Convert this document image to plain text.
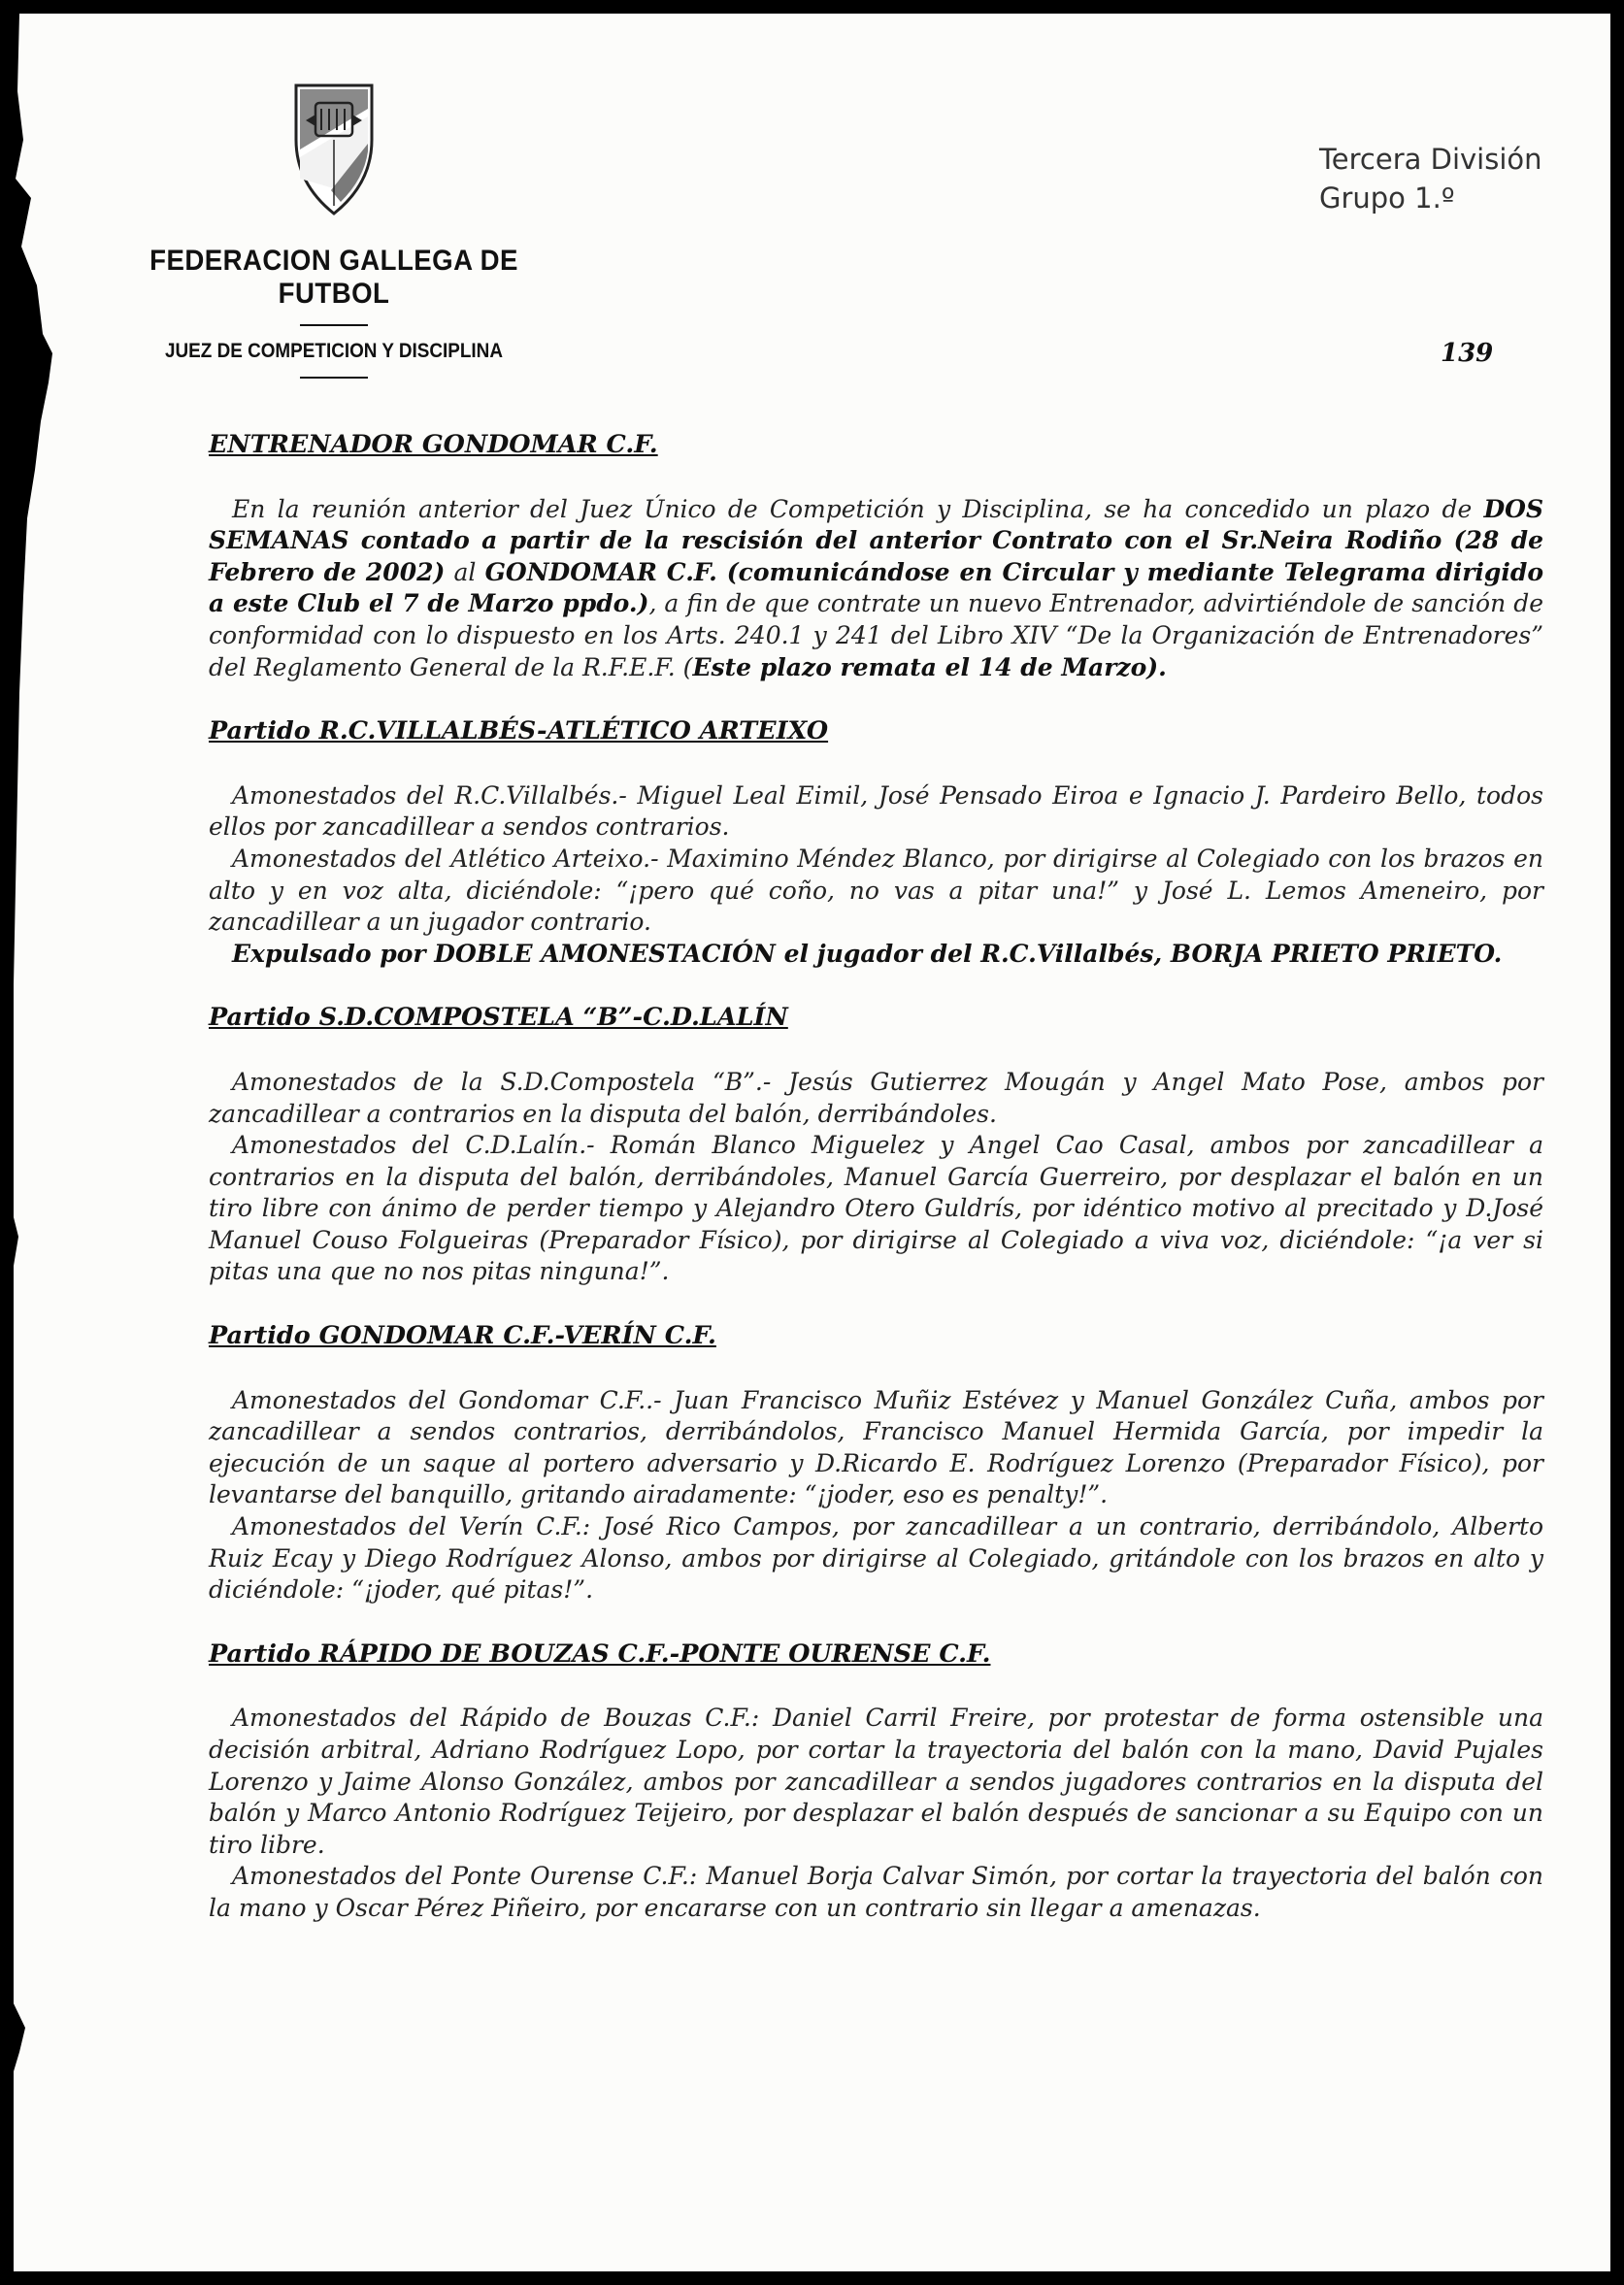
FEDERACION GALLEGA DE FUTBOL
JUEZ DE COMPETICION Y DISCIPLINA
Tercera División
Grupo 1.º
139
ENTRENADOR GONDOMAR C.F.

En la reunión anterior del Juez Único de Competición y Disciplina, se ha concedido un plazo de DOS SEMANAS contado a partir de la rescisión del anterior Contrato con el Sr.Neira Rodiño (28 de Febrero de 2002) al GONDOMAR C.F. (comunicándose en Circular y mediante Telegrama dirigido a este Club el 7 de Marzo ppdo.), a fin de que contrate un nuevo Entrenador, advirtiéndole de sanción de conformidad con lo dispuesto en los Arts. 240.1 y 241 del Libro XIV “De la Organización de Entrenadores” del Reglamento General de la R.F.E.F. (Este plazo remata el 14 de Marzo).

Partido R.C.VILLALBÉS-ATLÉTICO ARTEIXO

Amonestados del R.C.Villalbés.- Miguel Leal Eimil, José Pensado Eiroa e Ignacio J. Pardeiro Bello, todos ellos por zancadillear a sendos contrarios.

Amonestados del Atlético Arteixo.- Maximino Méndez Blanco, por dirigirse al Colegiado con los brazos en alto y en voz alta, diciéndole: “¡pero qué coño, no vas a pitar una!” y José L. Lemos Ameneiro, por zancadillear a un jugador contrario.

Expulsado por DOBLE AMONESTACIÓN el jugador del R.C.Villalbés, BORJA PRIETO PRIETO.

Partido S.D.COMPOSTELA “B”-C.D.LALÍN

Amonestados de la S.D.Compostela “B”.- Jesús Gutierrez Mougán y Angel Mato Pose, ambos por zancadillear a contrarios en la disputa del balón, derribándoles.

Amonestados del C.D.Lalín.- Román Blanco Miguelez y Angel Cao Casal, ambos por zancadillear a contrarios en la disputa del balón, derribándoles, Manuel García Guerreiro, por desplazar el balón en un tiro libre con ánimo de perder tiempo y Alejandro Otero Guldrís, por idéntico motivo al precitado y D.José Manuel Couso Folgueiras (Preparador Físico), por dirigirse al Colegiado a viva voz, diciéndole: “¡a ver si pitas una que no nos pitas ninguna!”.

Partido GONDOMAR C.F.-VERÍN C.F.

Amonestados del Gondomar C.F..- Juan Francisco Muñiz Estévez y Manuel González Cuña, ambos por zancadillear a sendos contrarios, derribándolos, Francisco Manuel Hermida García, por impedir la ejecución de un saque al portero adversario y D.Ricardo E. Rodríguez Lorenzo (Preparador Físico), por levantarse del banquillo, gritando airadamente: “¡joder, eso es penalty!”.

Amonestados del Verín C.F.: José Rico Campos, por zancadillear a un contrario, derribándolo, Alberto Ruiz Ecay y Diego Rodríguez Alonso, ambos por dirigirse al Colegiado, gritándole con los brazos en alto y diciéndole: “¡joder, qué pitas!”.

Partido RÁPIDO DE BOUZAS C.F.-PONTE OURENSE C.F.

Amonestados del Rápido de Bouzas C.F.: Daniel Carril Freire, por protestar de forma ostensible una decisión arbitral, Adriano Rodríguez Lopo, por cortar la trayectoria del balón con la mano, David Pujales Lorenzo y Jaime Alonso González, ambos por zancadillear a sendos jugadores contrarios en la disputa del balón y Marco Antonio Rodríguez Teijeiro, por desplazar el balón después de sancionar a su Equipo con un tiro libre.

Amonestados del Ponte Ourense C.F.: Manuel Borja Calvar Simón, por cortar la trayectoria del balón con la mano y Oscar Pérez Piñeiro, por encararse con un contrario sin llegar a amenazas.
